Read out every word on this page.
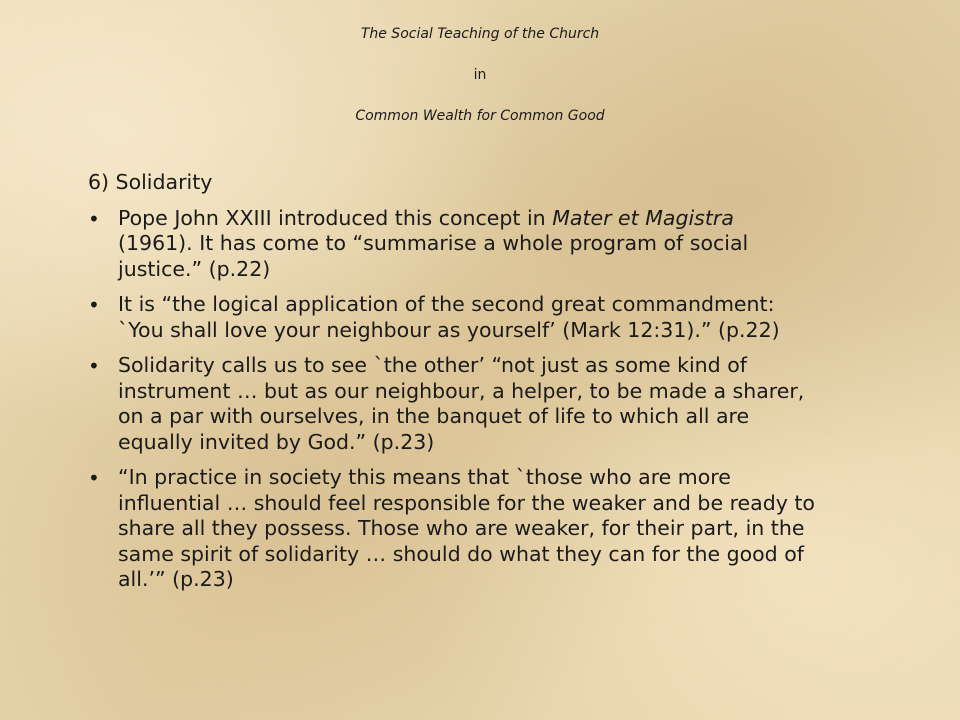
The Social Teaching of the Church
in
Common Wealth for Common Good
6) Solidarity
• Pope John XXIII introduced this concept in Mater et Magistra
(1961). It has come to “summarise a whole program of social
justice.” (p.22)
• It is “the logical application of the second great commandment:
`You shall love your neighbour as yourself’ (Mark 12:31).” (p.22)
• Solidarity calls us to see `the other’ “not just as some kind of
instrument … but as our neighbour, a helper, to be made a sharer,
on a par with ourselves, in the banquet of life to which all are
equally invited by God.” (p.23)
• “In practice in society this means that `those who are more
influential … should feel responsible for the weaker and be ready to
share all they possess. Those who are weaker, for their part, in the
same spirit of solidarity … should do what they can for the good of
all.’” (p.23)
